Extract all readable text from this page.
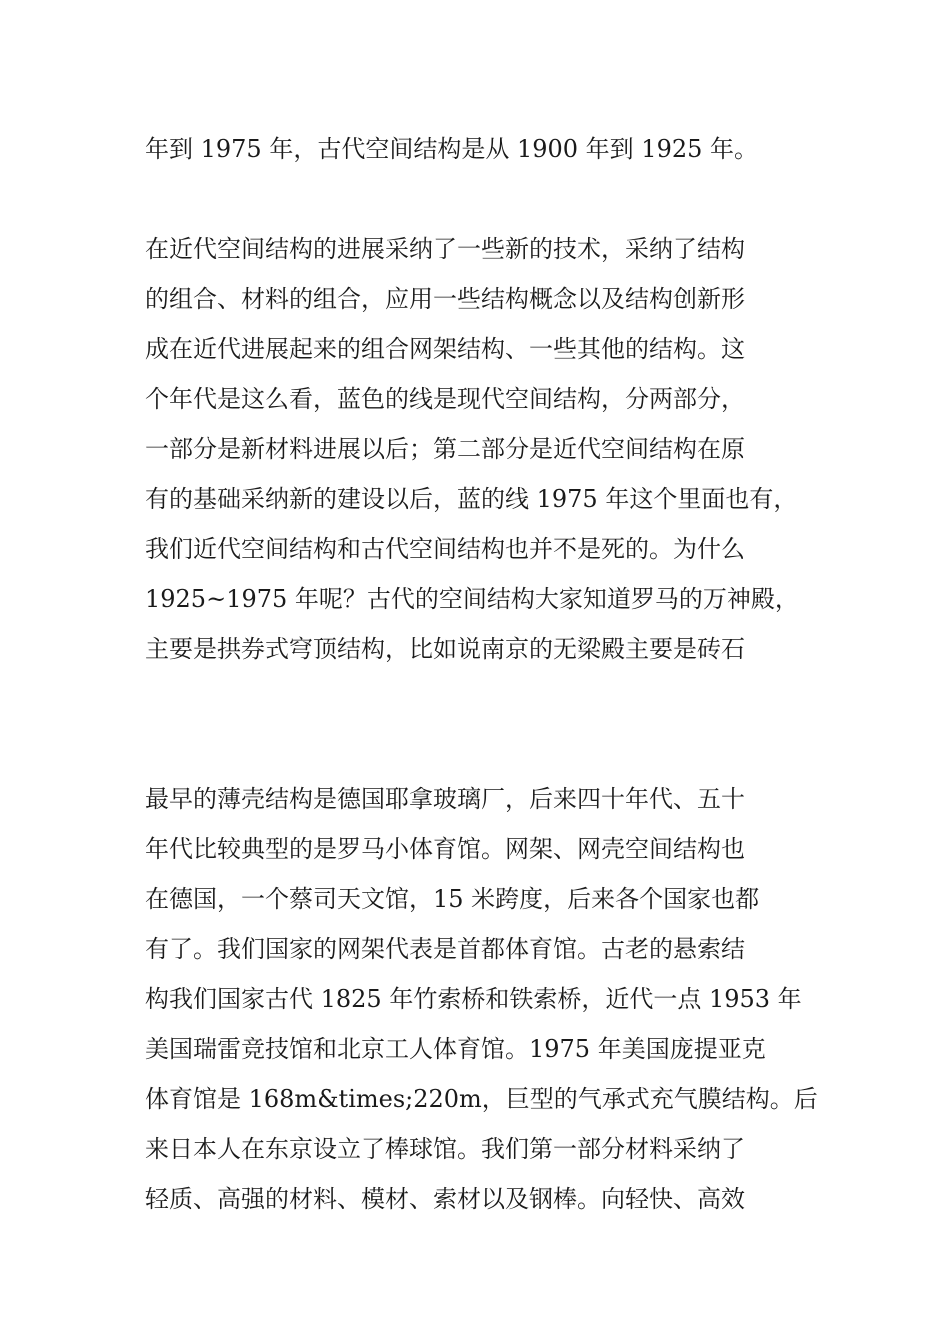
年到 1975 年，古代空间结构是从 1900 年到 1925 年。

在近代空间结构的进展采纳了一些新的技术，采纳了结构

的组合、材料的组合，应用一些结构概念以及结构创新形

成在近代进展起来的组合网架结构、一些其他的结构。这

个年代是这么看，蓝色的线是现代空间结构，分两部分，

一部分是新材料进展以后；第二部分是近代空间结构在原

有的基础采纳新的建设以后，蓝的线 1975 年这个里面也有，

我们近代空间结构和古代空间结构也并不是死的。为什么

1925~1975 年呢？古代的空间结构大家知道罗马的万神殿，

主要是拱券式穹顶结构，比如说南京的无梁殿主要是砖石

最早的薄壳结构是德国耶拿玻璃厂，后来四十年代、五十

年代比较典型的是罗马小体育馆。网架、网壳空间结构也

在德国，一个蔡司天文馆，15 米跨度，后来各个国家也都

有了。我们国家的网架代表是首都体育馆。古老的悬索结

构我们国家古代 1825 年竹索桥和铁索桥，近代一点 1953 年

美国瑞雷竞技馆和北京工人体育馆。1975 年美国庞提亚克

体育馆是 168m&times;220m，巨型的气承式充气膜结构。后

来日本人在东京设立了棒球馆。我们第一部分材料采纳了

轻质、高强的材料、模材、索材以及钢棒。向轻快、高效
